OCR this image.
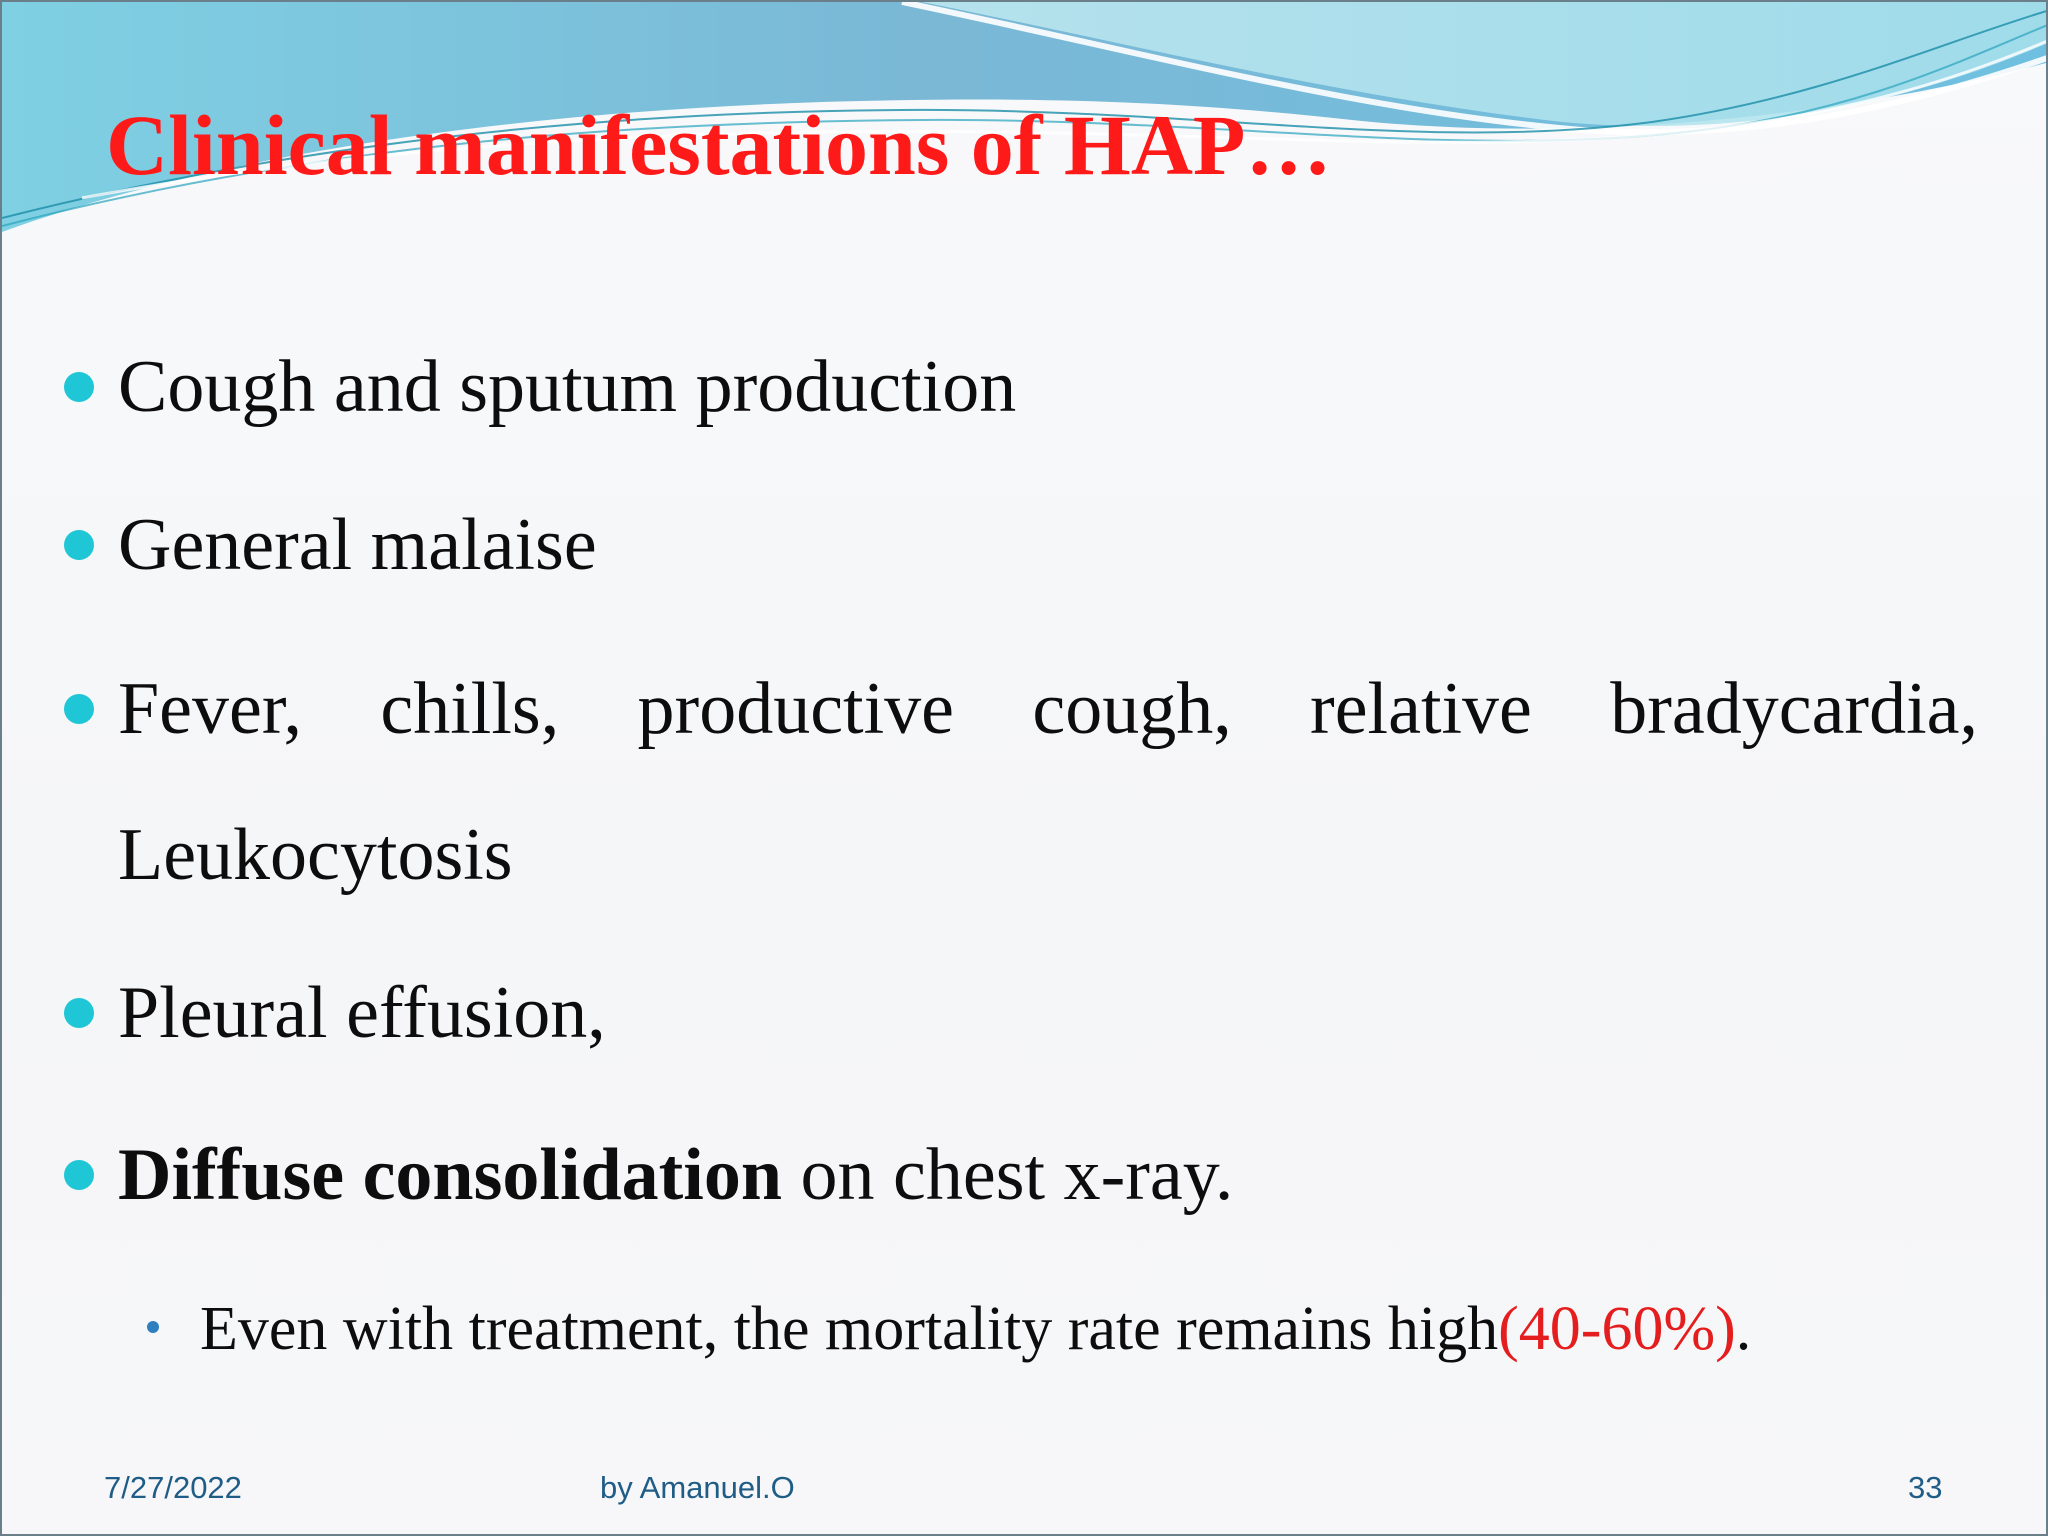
Clinical manifestations of HAP…
Cough and sputum production
General malaise
Fever, chills, productive cough, relative bradycardia,
Leukocytosis
Pleural effusion,
Diffuse consolidation on chest x-ray.
Even with treatment, the mortality rate remains high(40-60%).
7/27/2022	by Amanuel.O	33
